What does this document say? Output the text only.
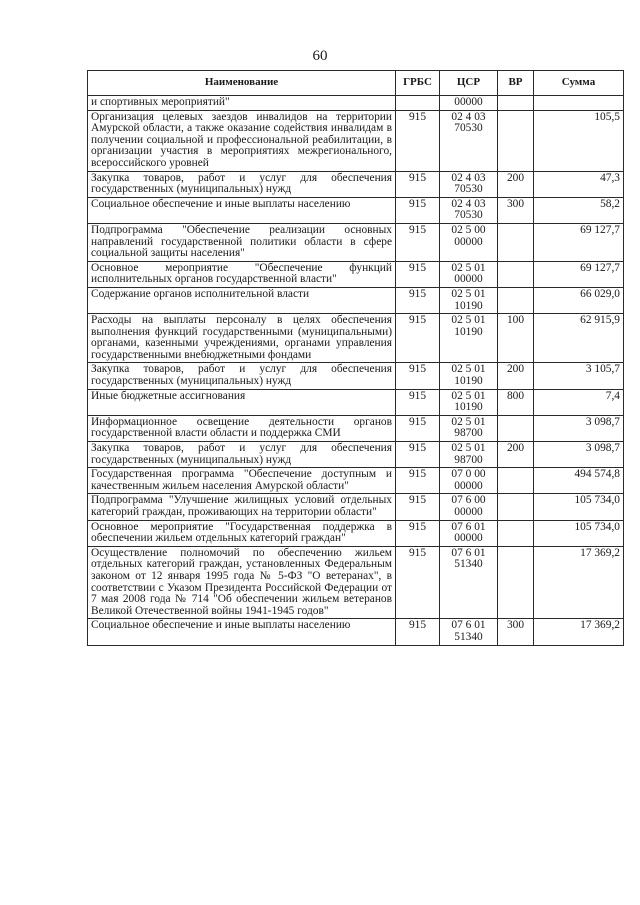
60
Наименование	ГРБС	ЦСР	ВР	Сумма
и спортивных мероприятий"		00000		
Организация целевых заездов инвалидов на территории Амурской области, а также оказание содействия инвалидам в получении социальной и профессиональной реабилитации, в организации участия в мероприятиях межрегионального, всероссийского уровней	915	02 4 03 70530		105,5
Закупка товаров, работ и услуг для обеспечения государственных (муниципальных) нужд	915	02 4 03 70530	200	47,3
Социальное обеспечение и иные выплаты населению	915	02 4 03 70530	300	58,2
Подпрограмма "Обеспечение реализации основных направлений государственной политики области в сфере социальной защиты населения"	915	02 5 00 00000		69 127,7
Основное мероприятие "Обеспечение функций исполнительных органов государственной власти"	915	02 5 01 00000		69 127,7
Содержание органов исполнительной власти	915	02 5 01 10190		66 029,0
Расходы на выплаты персоналу в целях обеспечения выполнения функций государственными (муниципальными) органами, казенными учреждениями, органами управления государственными внебюджетными фондами	915	02 5 01 10190	100	62 915,9
Закупка товаров, работ и услуг для обеспечения государственных (муниципальных) нужд	915	02 5 01 10190	200	3 105,7
Иные бюджетные ассигнования	915	02 5 01 10190	800	7,4
Информационное освещение деятельности органов государственной власти области и поддержка СМИ	915	02 5 01 98700		3 098,7
Закупка товаров, работ и услуг для обеспечения государственных (муниципальных) нужд	915	02 5 01 98700	200	3 098,7
Государственная программа "Обеспечение доступным и качественным жильем населения Амурской области"	915	07 0 00 00000		494 574,8
Подпрограмма "Улучшение жилищных условий отдельных категорий граждан, проживающих на территории области"	915	07 6 00 00000		105 734,0
Основное мероприятие "Государственная поддержка в обеспечении жильем отдельных категорий граждан"	915	07 6 01 00000		105 734,0
Осуществление полномочий по обеспечению жильем отдельных категорий граждан, установленных Федеральным законом от 12 января 1995 года № 5-ФЗ "О ветеранах", в соответствии с Указом Президента Российской Федерации от 7 мая 2008 года № 714 "Об обеспечении жильем ветеранов Великой Отечественной войны 1941-1945 годов"	915	07 6 01 51340		17 369,2
Социальное обеспечение и иные выплаты населению	915	07 6 01 51340	300	17 369,2
